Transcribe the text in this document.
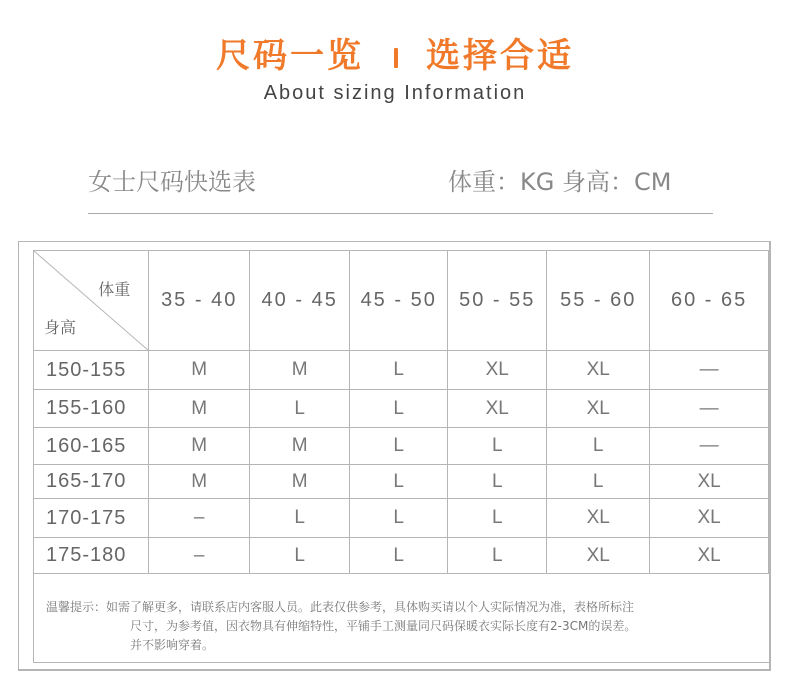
尺码一览 选择合适
About sizing Information
女士尺码快选表	体重：KG 身高：CM
体重
身高	35 - 40	40 - 45	45 - 50	50 - 55	55 - 60	60 - 65
150-155	M	M	L	XL	XL	—
155-160	M	L	L	XL	XL	—
160-165	M	M	L	L	L	—
165-170	M	M	L	L	L	XL
170-175	–	L	L	L	XL	XL
175-180	–	L	L	L	XL	XL
温馨提示：如需了解更多，请联系店内客服人员。此表仅供参考，具体购买请以个人实际情况为准，表格所标注
尺寸，为参考值，因衣物具有伸缩特性，平铺手工测量同尺码保暖衣实际长度有2-3CM的误差。
并不影响穿着。
